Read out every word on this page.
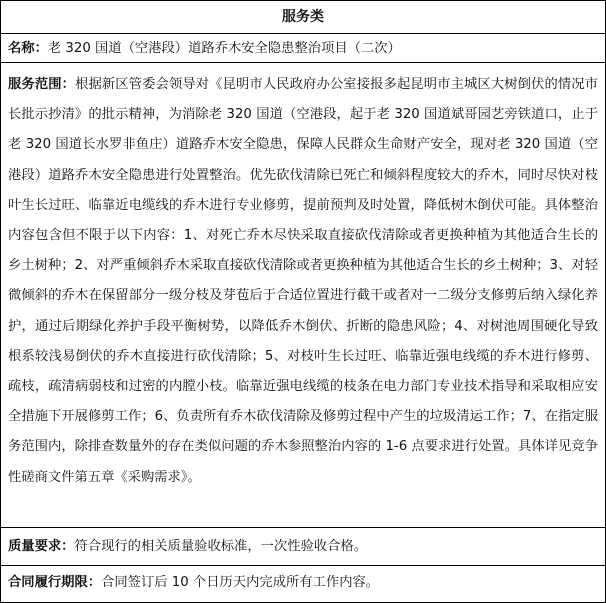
服务类
名称：老 320 国道（空港段）道路乔木安全隐患整治项目（二次）
服务范围：根据新区管委会领导对《昆明市人民政府办公室接报多起昆明市主城区大树倒伏的情况市长批示抄清》的批示精神，为消除老 320 国道（空港段，起于老 320 国道斌哥园艺旁铁道口，止于老 320 国道长水罗非鱼庄）道路乔木安全隐患，保障人民群众生命财产安全，现对老 320 国道（空港段）道路乔木安全隐患进行处置整治。优先砍伐清除已死亡和倾斜程度较大的乔木，同时尽快对枝叶生长过旺、临靠近电缆线的乔木进行专业修剪，提前预判及时处置，降低树木倒伏可能。具体整治内容包含但不限于以下内容：1、对死亡乔木尽快采取直接砍伐清除或者更换种植为其他适合生长的乡土树种；2、对严重倾斜乔木采取直接砍伐清除或者更换种植为其他适合生长的乡土树种；3、对轻微倾斜的乔木在保留部分一级分枝及芽苞后于合适位置进行截干或者对一二级分支修剪后纳入绿化养护，通过后期绿化养护手段平衡树势，以降低乔木倒伏、折断的隐患风险；4、对树池周围硬化导致根系较浅易倒伏的乔木直接进行砍伐清除；5、对枝叶生长过旺、临靠近强电线缆的乔木进行修剪、疏枝，疏清病弱枝和过密的内膛小枝。临靠近强电线缆的枝条在电力部门专业技术指导和采取相应安全措施下开展修剪工作；6、负责所有乔木砍伐清除及修剪过程中产生的垃圾清运工作；7、在指定服务范围内，除排查数量外的存在类似问题的乔木参照整治内容的 1-6 点要求进行处置。具体详见竞争性磋商文件第五章《采购需求》。
质量要求：符合现行的相关质量验收标准，一次性验收合格。
合同履行期限：合同签订后 10 个日历天内完成所有工作内容。
